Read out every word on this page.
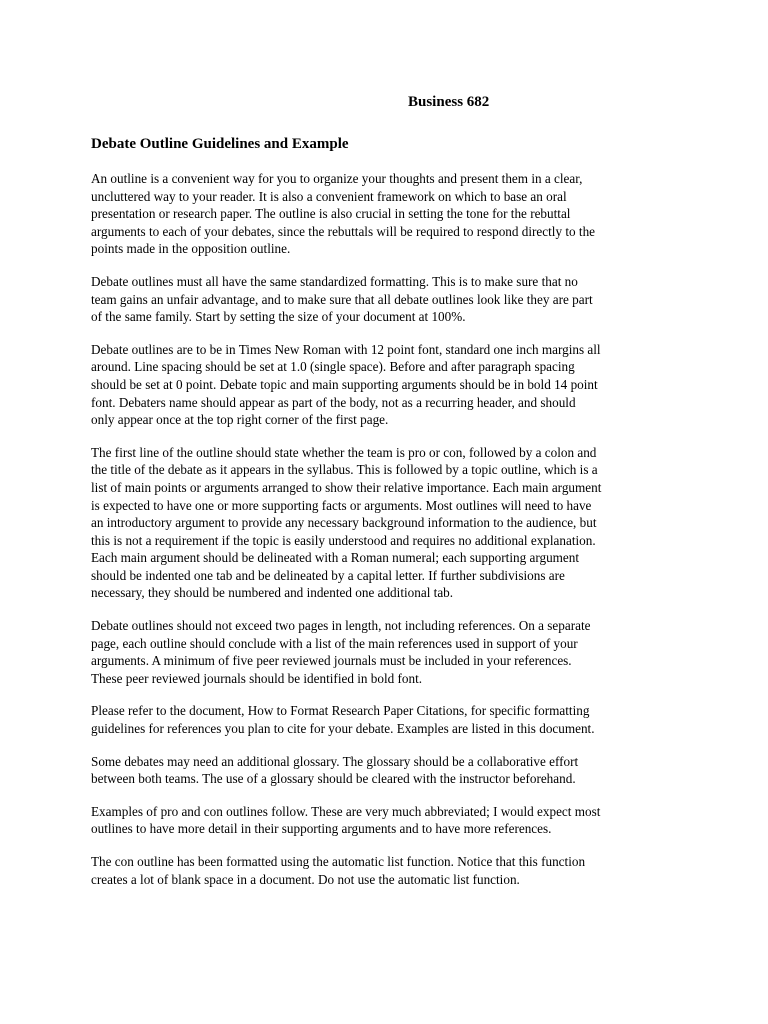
Business 682
Debate Outline Guidelines and Example
An outline is a convenient way for you to organize your thoughts and present them in a clear,
uncluttered way to your reader. It is also a convenient framework on which to base an oral
presentation or research paper. The outline is also crucial in setting the tone for the rebuttal
arguments to each of your debates, since the rebuttals will be required to respond directly to the
points made in the opposition outline.
Debate outlines must all have the same standardized formatting. This is to make sure that no
team gains an unfair advantage, and to make sure that all debate outlines look like they are part
of the same family. Start by setting the size of your document at 100%.
Debate outlines are to be in Times New Roman with 12 point font, standard one inch margins all
around. Line spacing should be set at 1.0 (single space). Before and after paragraph spacing
should be set at 0 point. Debate topic and main supporting arguments should be in bold 14 point
font. Debaters name should appear as part of the body, not as a recurring header, and should
only appear once at the top right corner of the first page.
The first line of the outline should state whether the team is pro or con, followed by a colon and
the title of the debate as it appears in the syllabus. This is followed by a topic outline, which is a
list of main points or arguments arranged to show their relative importance. Each main argument
is expected to have one or more supporting facts or arguments. Most outlines will need to have
an introductory argument to provide any necessary background information to the audience, but
this is not a requirement if the topic is easily understood and requires no additional explanation.
Each main argument should be delineated with a Roman numeral; each supporting argument
should be indented one tab and be delineated by a capital letter. If further subdivisions are
necessary, they should be numbered and indented one additional tab.
Debate outlines should not exceed two pages in length, not including references. On a separate
page, each outline should conclude with a list of the main references used in support of your
arguments. A minimum of five peer reviewed journals must be included in your references.
These peer reviewed journals should be identified in bold font.
Please refer to the document, How to Format Research Paper Citations, for specific formatting
guidelines for references you plan to cite for your debate. Examples are listed in this document.
Some debates may need an additional glossary. The glossary should be a collaborative effort
between both teams. The use of a glossary should be cleared with the instructor beforehand.
Examples of pro and con outlines follow. These are very much abbreviated; I would expect most
outlines to have more detail in their supporting arguments and to have more references.
The con outline has been formatted using the automatic list function. Notice that this function
creates a lot of blank space in a document. Do not use the automatic list function.
